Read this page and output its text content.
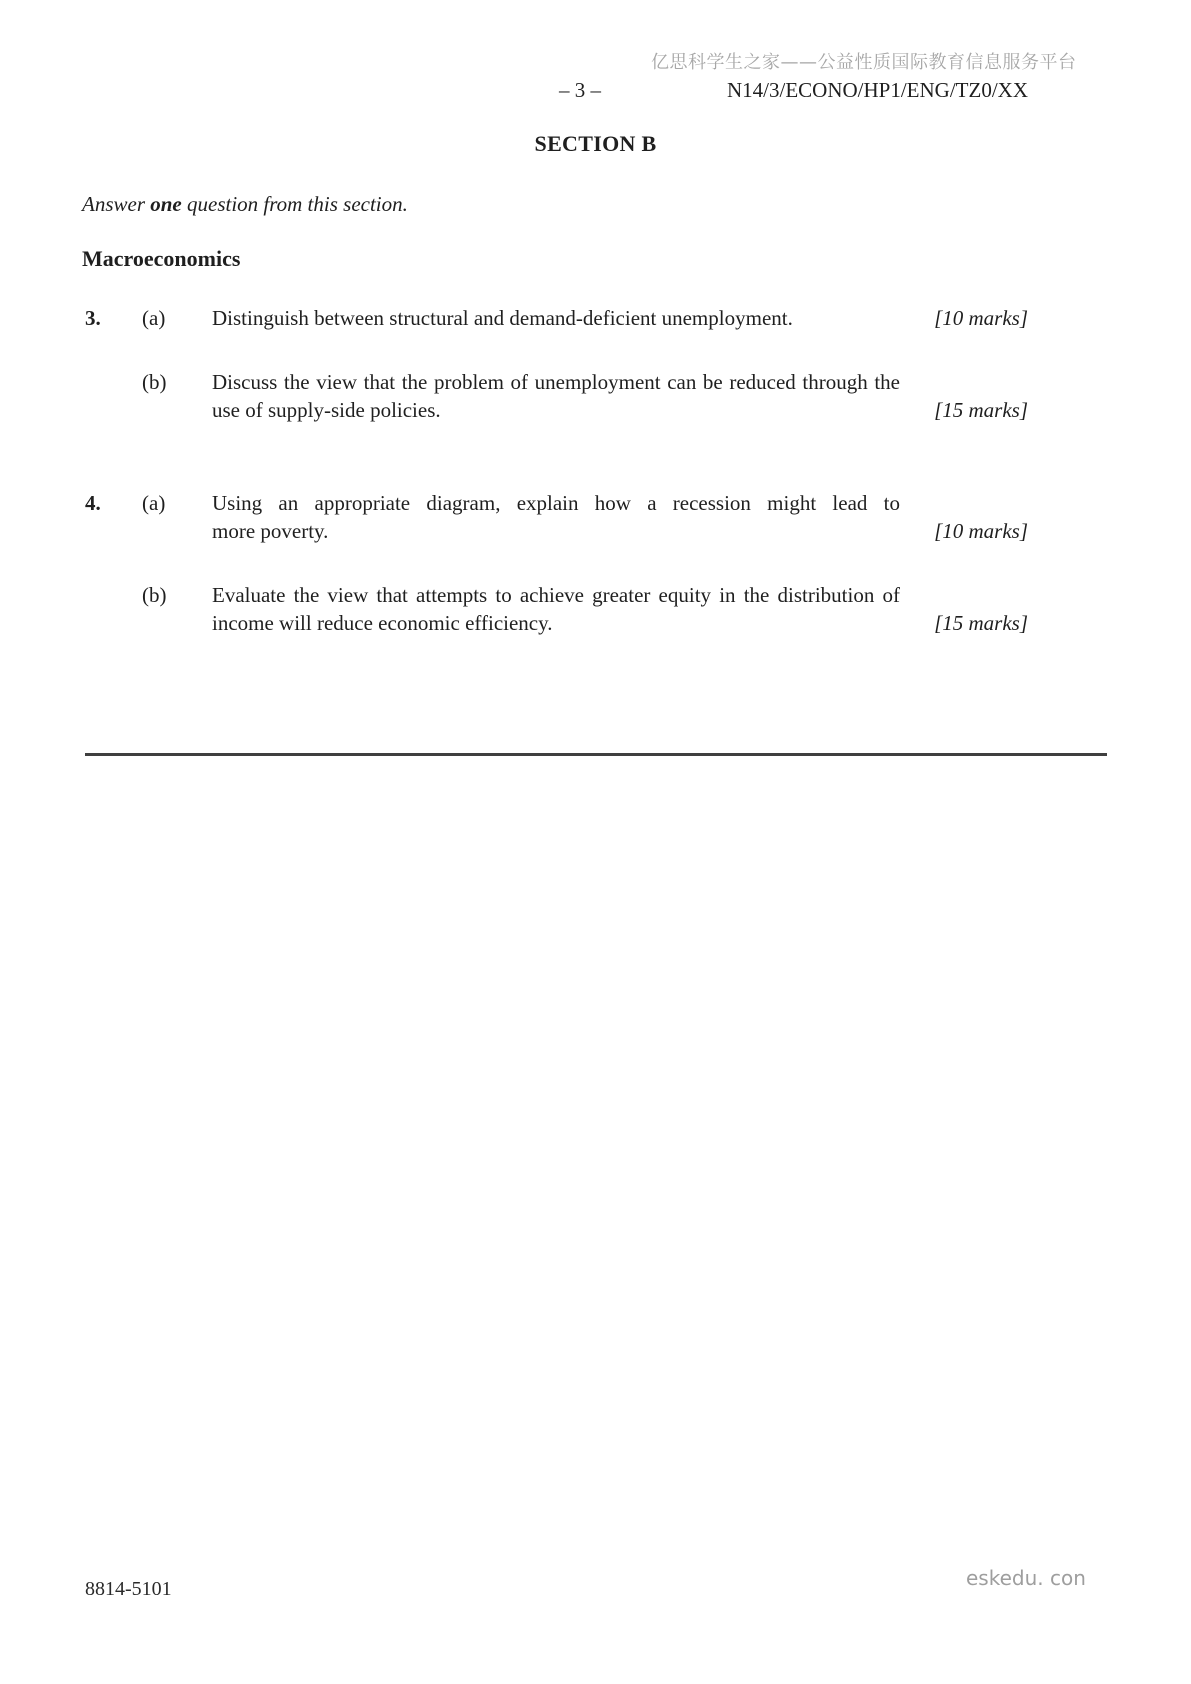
亿思科学生之家——公益性质国际教育信息服务平台
– 3 –	N14/3/ECONO/HP1/ENG/TZ0/XX
SECTION B
Answer one question from this section.
Macroeconomics
3. (a) Distinguish between structural and demand-deficient unemployment.	[10 marks]
(b) Discuss the view that the problem of unemployment can be reduced through the
use of supply-side policies.	[15 marks]
4. (a) Using an appropriate diagram, explain how a recession might lead to
more poverty.	[10 marks]
(b) Evaluate the view that attempts to achieve greater equity in the distribution of
income will reduce economic efficiency.	[15 marks]
8814-5101	eskedu. con
